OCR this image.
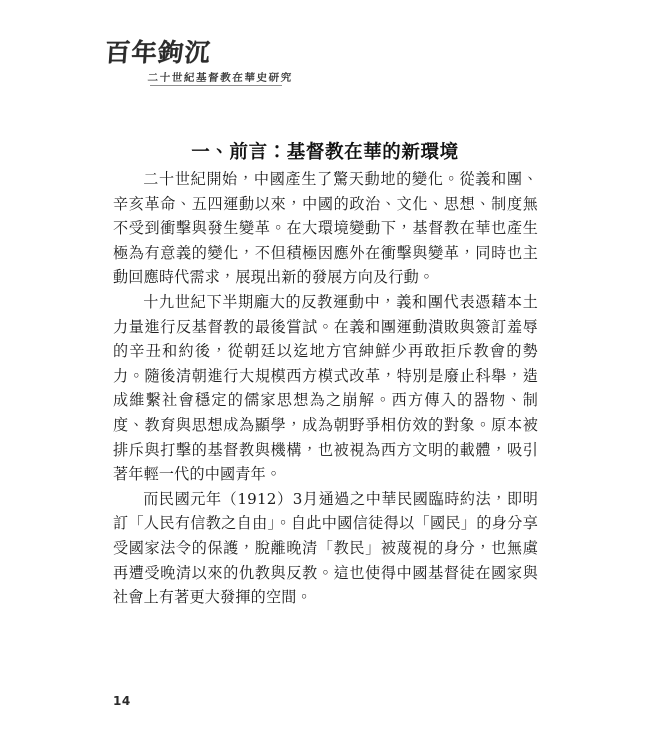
百年鉤沉
二十世紀基督教在華史研究
一、前言：基督教在華的新環境

二十世紀開始，中國產生了驚天動地的變化。從義和團、辛亥革命、五四運動以來，中國的政治、文化、思想、制度無不受到衝擊與發生變革。在大環境變動下，基督教在華也產生極為有意義的變化，不但積極因應外在衝擊與變革，同時也主動回應時代需求，展現出新的發展方向及行動。

十九世紀下半期龐大的反教運動中，義和團代表憑藉本土力量進行反基督教的最後嘗試。在義和團運動潰敗與簽訂羞辱的辛丑和約後，從朝廷以迄地方官紳鮮少再敢拒斥教會的勢力。隨後清朝進行大規模西方模式改革，特別是廢止科舉，造成維繫社會穩定的儒家思想為之崩解。西方傳入的器物、制度、教育與思想成為顯學，成為朝野爭相仿效的對象。原本被排斥與打擊的基督教與機構，也被視為西方文明的載體，吸引著年輕一代的中國青年。

而民國元年（1912）3月通過之中華民國臨時約法，即明訂「人民有信教之自由」。自此中國信徒得以「國民」的身分享受國家法令的保護，脫離晚清「教民」被蔑視的身分，也無虞再遭受晚清以來的仇教與反教。這也使得中國基督徒在國家與社會上有著更大發揮的空間。

14
